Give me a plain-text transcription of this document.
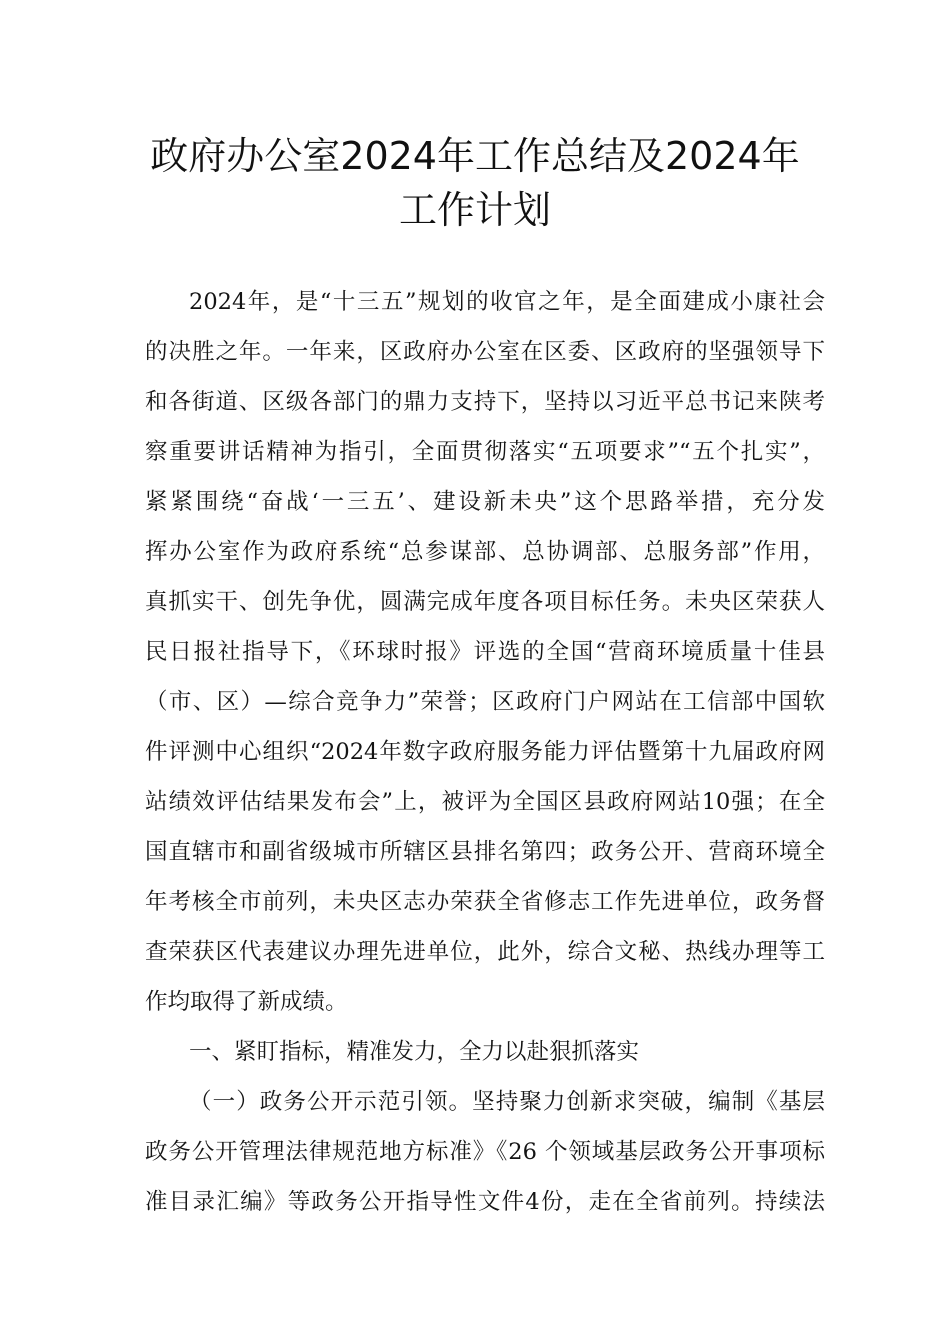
政府办公室2024年工作总结及2024年
工作计划
2024年，是“十三五”规划的收官之年，是全面建成小康社会
的决胜之年。一年来，区政府办公室在区委、区政府的坚强领导下
和各街道、区级各部门的鼎力支持下，坚持以习近平总书记来陕考
察重要讲话精神为指引，全面贯彻落实“五项要求”“五个扎实”，
紧紧围绕“奋战‘一三五’、建设新未央”这个思路举措，充分发
挥办公室作为政府系统“总参谋部、总协调部、总服务部”作用，
真抓实干、创先争优，圆满完成年度各项目标任务。未央区荣获人
民日报社指导下，《环球时报》评选的全国“营商环境质量十佳县
（市、区）—综合竞争力”荣誉；区政府门户网站在工信部中国软
件评测中心组织“2024年数字政府服务能力评估暨第十九届政府网
站绩效评估结果发布会”上，被评为全国区县政府网站10强；在全
国直辖市和副省级城市所辖区县排名第四；政务公开、营商环境全
年考核全市前列，未央区志办荣获全省修志工作先进单位，政务督
查荣获区代表建议办理先进单位，此外，综合文秘、热线办理等工
作均取得了新成绩。
一、紧盯指标，精准发力，全力以赴狠抓落实
（一）政务公开示范引领。坚持聚力创新求突破，编制《基层
政务公开管理法律规范地方标准》《26 个领域基层政务公开事项标
准目录汇编》等政务公开指导性文件4份，走在全省前列。持续法
